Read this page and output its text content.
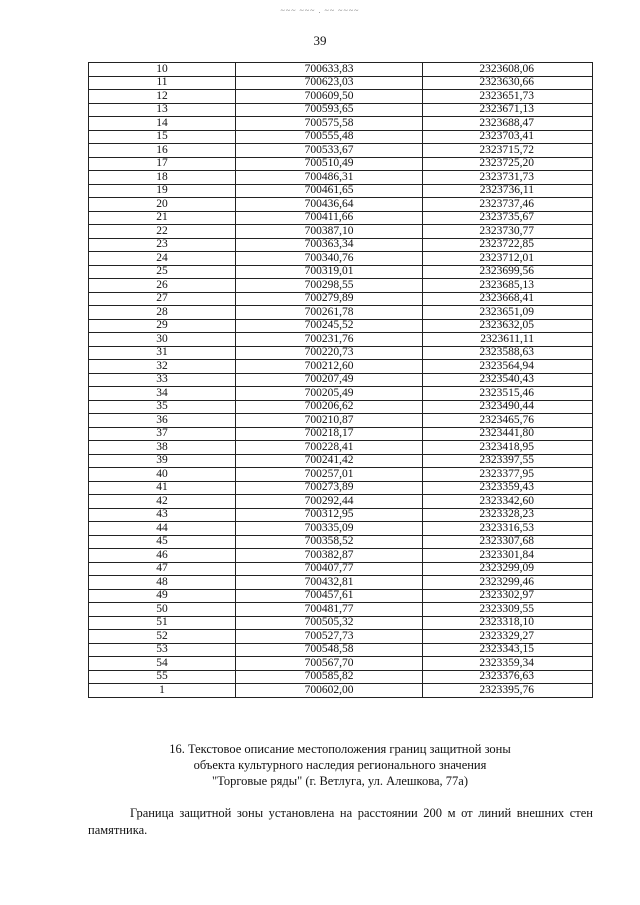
~~~ ~~~ . ~~ ~~~~
39
10	700633,83	2323608,06
11	700623,03	2323630,66
12	700609,50	2323651,73
13	700593,65	2323671,13
14	700575,58	2323688,47
15	700555,48	2323703,41
16	700533,67	2323715,72
17	700510,49	2323725,20
18	700486,31	2323731,73
19	700461,65	2323736,11
20	700436,64	2323737,46
21	700411,66	2323735,67
22	700387,10	2323730,77
23	700363,34	2323722,85
24	700340,76	2323712,01
25	700319,01	2323699,56
26	700298,55	2323685,13
27	700279,89	2323668,41
28	700261,78	2323651,09
29	700245,52	2323632,05
30	700231,76	2323611,11
31	700220,73	2323588,63
32	700212,60	2323564,94
33	700207,49	2323540,43
34	700205,49	2323515,46
35	700206,62	2323490,44
36	700210,87	2323465,76
37	700218,17	2323441,80
38	700228,41	2323418,95
39	700241,42	2323397,55
40	700257,01	2323377,95
41	700273,89	2323359,43
42	700292,44	2323342,60
43	700312,95	2323328,23
44	700335,09	2323316,53
45	700358,52	2323307,68
46	700382,87	2323301,84
47	700407,77	2323299,09
48	700432,81	2323299,46
49	700457,61	2323302,97
50	700481,77	2323309,55
51	700505,32	2323318,10
52	700527,73	2323329,27
53	700548,58	2323343,15
54	700567,70	2323359,34
55	700585,82	2323376,63
1	700602,00	2323395,76
16. Текстовое описание местоположения границ защитной зоны
объекта культурного наследия регионального значения
"Торговые ряды" (г. Ветлуга, ул. Алешкова, 77а)
Граница защитной зоны установлена на расстоянии 200 м от линий внешних стен памятника.
